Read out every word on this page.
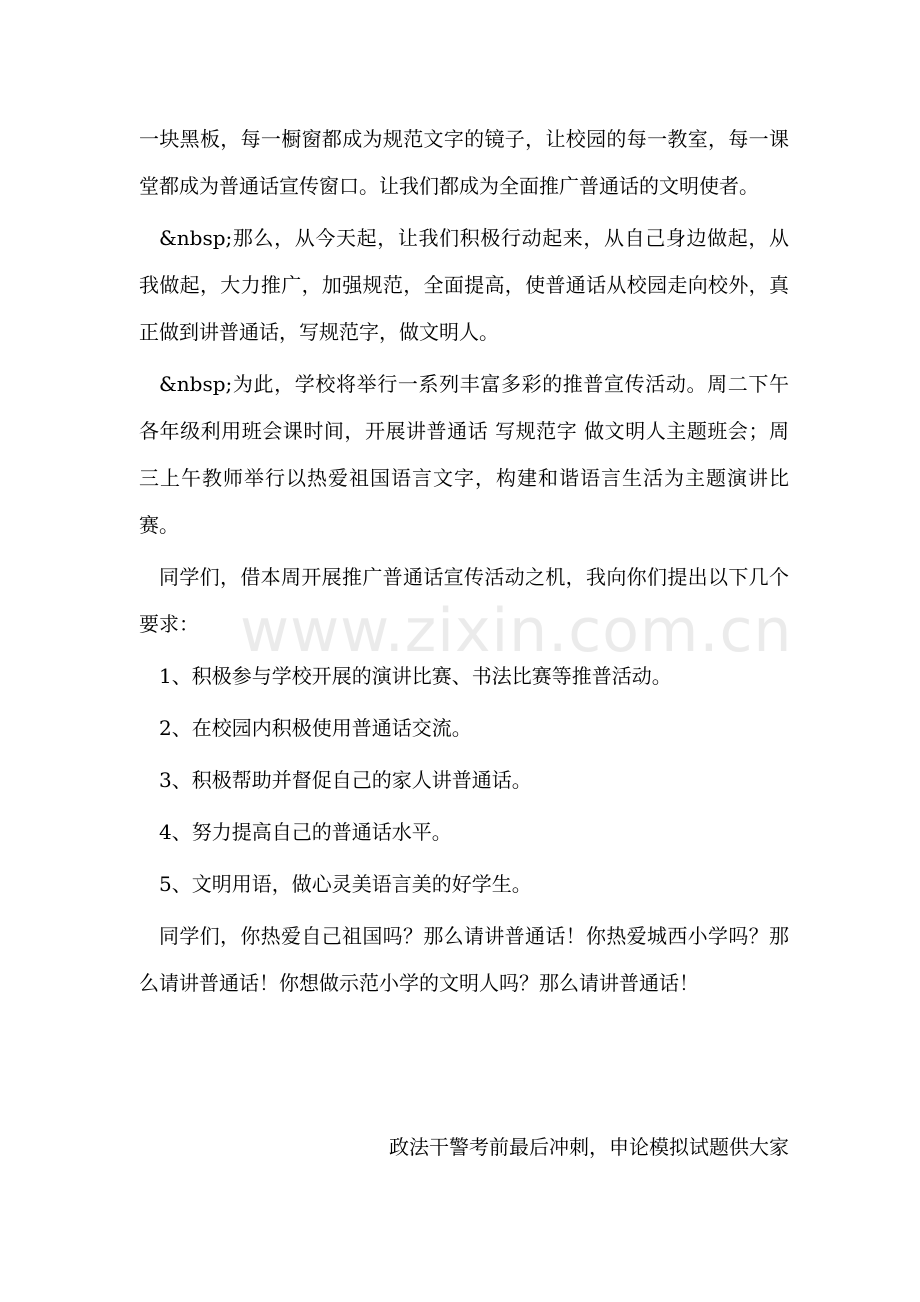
一块黑板，每一橱窗都成为规范文字的镜子，让校园的每一教室，每一课堂都成为普通话宣传窗口。让我们都成为全面推广普通话的文明使者。

&nbsp;那么，从今天起，让我们积极行动起来，从自己身边做起，从我做起，大力推广，加强规范，全面提高，使普通话从校园走向校外，真正做到讲普通话，写规范字，做文明人。

&nbsp;为此，学校将举行一系列丰富多彩的推普宣传活动。周二下午各年级利用班会课时间，开展讲普通话 写规范字 做文明人主题班会；周三上午教师举行以热爱祖国语言文字，构建和谐语言生活为主题演讲比赛。

同学们，借本周开展推广普通话宣传活动之机，我向你们提出以下几个要求：

1、积极参与学校开展的演讲比赛、书法比赛等推普活动。
2、在校园内积极使用普通话交流。
3、积极帮助并督促自己的家人讲普通话。
4、努力提高自己的普通话水平。
5、文明用语，做心灵美语言美的好学生。

同学们，你热爱自己祖国吗？那么请讲普通话！你热爱城西小学吗？那么请讲普通话！你想做示范小学的文明人吗？那么请讲普通话！

政法干警考前最后冲刺，申论模拟试题供大家
www.zixin.com.cn
